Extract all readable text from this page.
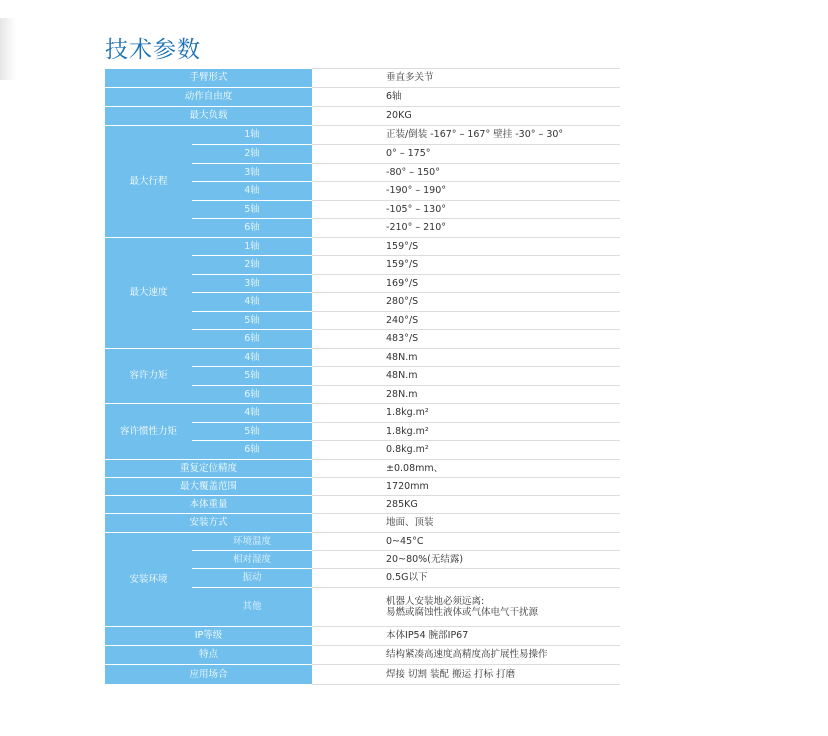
技术参数
手臂形式		垂直多关节
动作自由度		6轴
最大负载		20KG
最大行程	1轴	正装/倒装 -167° – 167° 壁挂 -30° – 30°
	2轴	0° – 175°
	3轴	-80° – 150°
	4轴	-190° – 190°
	5轴	-105° – 130°
	6轴	-210° – 210°
最大速度	1轴	159°/S
	2轴	159°/S
	3轴	169°/S
	4轴	280°/S
	5轴	240°/S
	6轴	483°/S
容许力矩	4轴	48N.m
	5轴	48N.m
	6轴	28N.m
容许惯性力矩	4轴	1.8kg.m²
	5轴	1.8kg.m²
	6轴	0.8kg.m²
重复定位精度		±0.08mm、
最大覆盖范围		1720mm
本体重量		285KG
安装方式		地面、顶装
安装环境	环境温度	0~45°C
	相对湿度	20~80%(无结露)
	振动	0.5G以下
	其他	机器人安装地必须远离:
易燃或腐蚀性液体或气体电气干扰源

IP等级		本体IP54 腕部IP67
特点		结构紧凑高速度高精度高扩展性易操作
应用场合		焊接 切割 装配 搬运 打标 打磨
